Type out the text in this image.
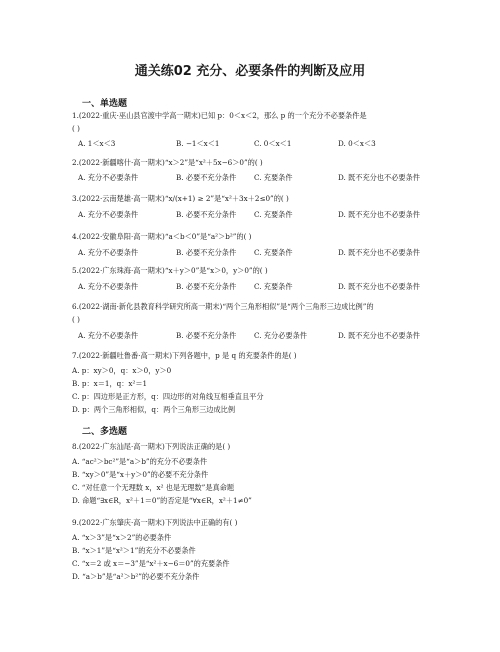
通关练02 充分、必要条件的判断及应用
一、单选题
1.(2022·重庆·巫山县官渡中学高一期末)已知 p：0＜x＜2，那么 p 的一个充分不必要条件是
( )
A. 1＜x＜3	B. −1＜x＜1	C. 0＜x＜1	D. 0＜x＜3
2.(2022·新疆喀什·高一期末)“x＞2”是“x²＋5x−6＞0”的( )
A. 充分不必要条件	B. 必要不充分条件 C. 充要条件	D. 既不充分也不必要条件
3.(2022·云南楚雄·高一期末)“x/(x+1) ≥ 2”是“x²＋3x＋2≤0”的( )
A. 充分不必要条件	B. 必要不充分条件 C. 充要条件	D. 既不充分也不必要条件
4.(2022·安徽阜阳·高一期末)“a＜b＜0”是“a²＞b²”的( )
A. 充分不必要条件	B. 必要不充分条件 C. 充要条件	D. 既不充分也不必要条件
5.(2022·广东珠海·高一期末)“x＋y＞0”是“x＞0，y＞0”的( )
A. 充分不必要条件	B. 必要不充分条件 C. 充要条件	D. 既不充分也不必要条件
6.(2022·湖南·新化县教育科学研究所高一期末)“两个三角形相似”是“两个三角形三边成比例”的
( )
A. 充分不必要条件	B. 必要不充分条件 C. 充分必要条件	D. 既不充分也不必要条件
7.(2022·新疆吐鲁番·高一期末)下列各题中，p 是 q 的充要条件的是( )
A. p：xy＞0，q：x＞0，y＞0
B. p：x＝1，q：x²＝1
C. p：四边形是正方形，q：四边形的对角线互相垂直且平分
D. p：两个三角形相似，q：两个三角形三边成比例
二、多选题
8.(2022·广东汕尾·高一期末)下列说法正确的是( )
A. “ac²＞bc²”是“a＞b”的充分不必要条件
B. “xy＞0”是“x＋y＞0”的必要不充分条件
C. “对任意一个无理数 x，x² 也是无理数”是真命题
D. 命题“∃x∈R，x²＋1＝0”的否定是“∀x∈R，x²＋1≠0”
9.(2022·广东肇庆·高一期末)下列说法中正确的有( )
A. “x＞3”是“x＞2”的必要条件
B. “x＞1”是“x²＞1”的充分不必要条件
C. “x＝2 或 x＝−3”是“x²＋x−6＝0”的充要条件
D. “a＞b”是“a²＞b²”的必要不充分条件
